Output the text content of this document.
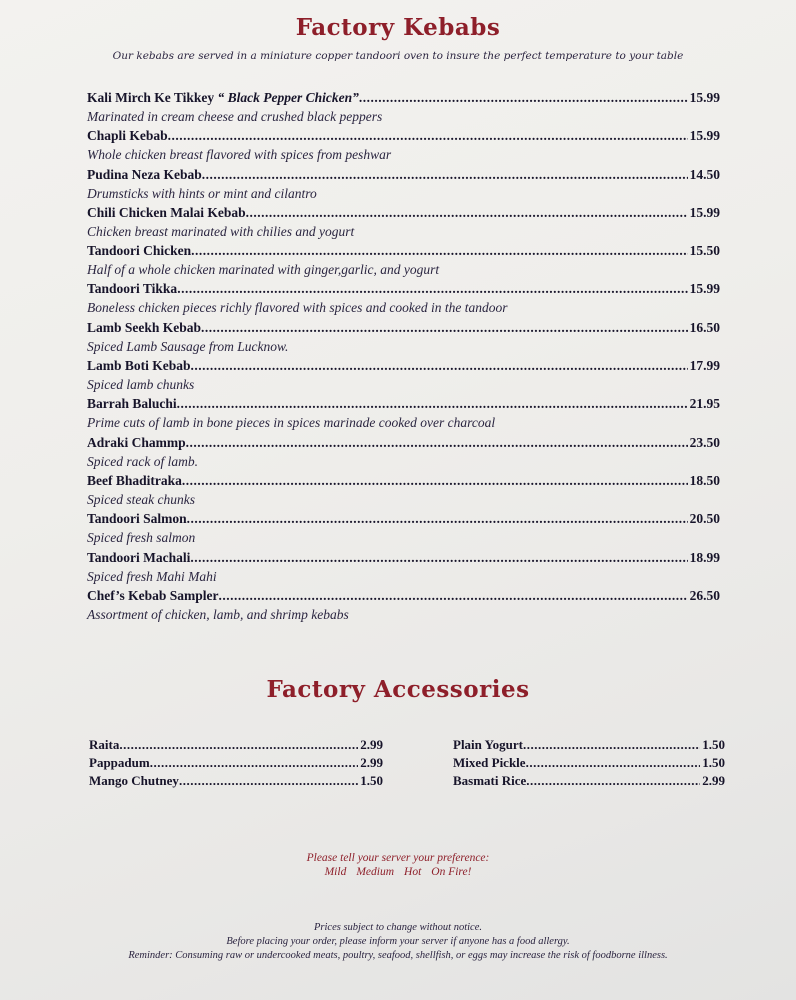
Factory Kebabs
Our kebabs are served in a miniature copper tandoori oven to insure the perfect temperature to your table
Kali Mirch Ke Tikkey “ Black Pepper Chicken” .....	15.99
Marinated in cream cheese and crushed black peppers
Chapli Kebab .....	15.99
Whole chicken breast flavored with spices from peshwar
Pudina Neza Kebab .....	14.50
Drumsticks with hints or mint and cilantro
Chili Chicken Malai Kebab .....	15.99
Chicken breast marinated with chilies and yogurt
Tandoori Chicken .....	15.50
Half of a whole chicken marinated with ginger,garlic, and yogurt
Tandoori Tikka .....	15.99
Boneless chicken pieces richly flavored with spices and cooked in the tandoor
Lamb Seekh Kebab .....	16.50
Spiced Lamb Sausage from Lucknow.
Lamb Boti Kebab .....	17.99
Spiced lamb chunks
Barrah Baluchi .....	21.95
Prime cuts of lamb in bone pieces in spices marinade cooked over charcoal
Adraki Chammp .....	23.50
Spiced rack of lamb.
Beef Bhaditraka .....	18.50
Spiced steak chunks
Tandoori Salmon .....	20.50
Spiced fresh salmon
Tandoori Machali .....	18.99
Spiced fresh Mahi Mahi
Chef’s Kebab Sampler .....	26.50
Assortment of chicken, lamb, and shrimp kebabs
Factory Accessories
Raita .....	2.99
Pappadum .....	2.99
Mango Chutney .....	1.50
Plain Yogurt .....	1.50
Mixed Pickle .....	1.50
Basmati Rice .....	2.99
Please tell your server your preference:
Mild Medium Hot On Fire!
Prices subject to change without notice.
Before placing your order, please inform your server if anyone has a food allergy.
Reminder: Consuming raw or undercooked meats, poultry, seafood, shellfish, or eggs may increase the risk of foodborne illness.
